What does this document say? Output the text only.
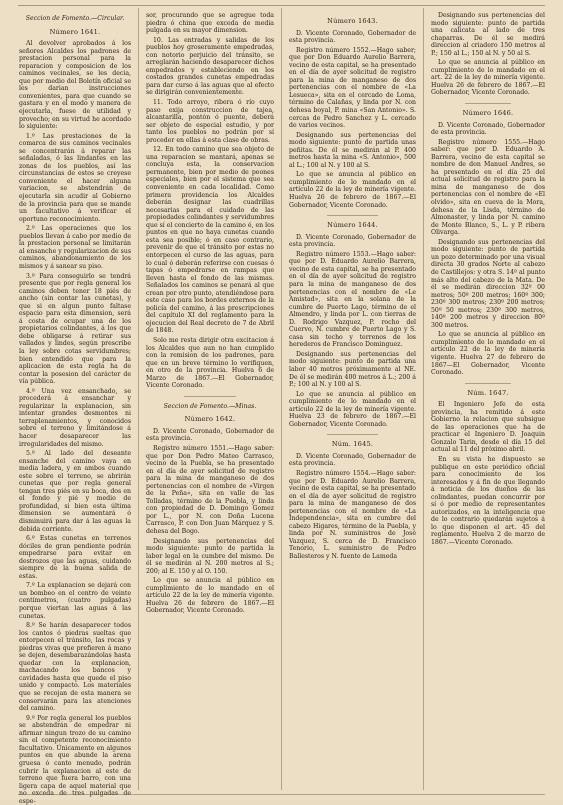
Seccion de Fomento.—Circular.

Número 1641.

Al devolver aprobados á los señores Alcaldes los padrones de prestacion personal para la reparacion y composicion de los caminos vecinales, se les decia, que por medio del Boletín oficial se les darian instrucciones convenientes, para que cuando se gastara y en el modo y manera de ejecutarla, fuese de utilidad y provecho; en su virtud he acordado lo siguiente:

1.º Las prestaciones de la comarca de sus caminos vecinales se concentrarán á reparar las señaladas, ó las lindantes en las zonas de los pueblos, así las circunstancias de estos se creyese conveniente el hacer alguna variacion, se abstendrán de ejecutarla sin acudir al Gobierno de la provincia para que se mande un facultativo á verificar el oportuno reconocimiento.

2.º Las operaciones que los pueblos llevan á cabo por medio de la prestacion personal se limitarán al ensanche y regularizacion de sus caminos, abandonamiento de los mismos y á sanear su piso.

3.º Para conseguirlo se tendrá presente que por regla general los caminos deben tener 18 piés de ancho (sin contar las cunetas), y que si en algun punto faltase espacio para esta dimension, será á costa de ocupar una de los propietarios colindantes, á los que debe obligarse á retirar sus vallados y lindes, según prescribe la ley sobre cotas servidumbres; bien entendido que para la aplicacion de esta regla ha de contar la posesion del carácter de vía pública.

4.º Una vez ensanchado, se procederá á ensanchar y regularizar la explanacion, sin intentar grandes desmontes ni terraplenamientos, y conocidos sobre el terreno y limitándose á hacer desaparecer las irregularidades del mismo.

5.º Al lado del deseante ensanche del camino vaya en media ladera, y en ambos cuando este sobre el terreno, se abrirán cunetas que por regla general tengan tres piés en su boca, dos en el fondo y pié y medio de profundidad, si bien esta última dimension se aumentará ó disminuirá para dar á las aguas la debida corriente.

6.º Estas cunetas en terrenos dóciles de gran pendiente podrán empedrarse para evitar en destrozos que las aguas, cuidando siempre de la buena salida de estas.

7.º La explanacion se dejará con un bombeo en el centro de veinte centímetros, (cuatro pulgadas) porque viertan las aguas á las cunetas.

8.º Se harán desaparecer todos los cantos ó piedras sueltas que entorpecen el tránsito, las rocas y piedras vivas que prefieren á mano se dejen, desembarazándolas hasta quedar con la explanacion, machacando los bancos y cavidades hasta que quede el piso unido y compacto. Los materiales que se recojan de esta manera se conservarán para las atenciones del camino.

9.º Por regla general los pueblos se abstendrán de empedrar ni afirmar ningun trozo de su camino sin el competente reconocimiento facultativo. Únicamente en algunos puntos en que abunde la arena gruesa ó canto menudo, podrán cubrir la explanacion al este de terreno que fuera barro, con una ligera capa de aquel material que no exceda de tres pulgadas de espe-

sor, procurando que se agregue toda piedra ó china que exceda de media pulgada en su mayor dimension.

10. Las entradas y salidas de los pueblos hoy groseramente empedradas, con notorio perjuicio del tránsito, se arreglarán haciendo desaparecer dichos empedrados y estableciendo en los costados grandes cunetas empedradas para dar curso á las aguas que al efecto se dirigirán convenientemente.

11. Todo arroyo, ribera ó río cuyo paso exija construccion de tajea, alcantarilla, pontón ó puente, deberá ser objeto de especial estudio, y por tanto los pueblos no podrán por sí proceder en ellas á esta clase de obras.

12. En todo camino que sea objeto de una reparacion se mantará, apenas se concluya esta, la conservacion permanente, bien por medio de peones especiales, bien por el sistema que sea conveniente en cada localidad. Como primera providencia los Alcaldes deberán designar las cuadrillas necesarias para el cuidado de las propiedades colindantes y servidumbres que sí el concierto de la camino é, en los puntos en que no haya cunetas cuando esta sea posible; ó en caso contrario, prevenir de que el tránsito por estas no entorpecen el curso de las aguas, para lo cual ó deberán referirse con cuesas ó tapas ó empedrarse en rampas que lleven hasta el fondo de las mismas. Señalados los caminos se penará al que crean por otro punto, atendiéndose para este caso para los bordes externos de la policía del camino, á las prescripciones del capítulo XI del reglamento para la ejecucion del Real decreto de 7 de Abril de 1848.

Solo me resta dirigir otra excitacion á los Alcaldes que aun no han cumplido con la remision de los padrones, para que en un breve término lo verifiquen, en otro de la provincia. Huelva 6 de Marzo de 1867.—El Gobernador, Vicente Coronado.

Seccion de Fomento.—Minas.

Número 1642.

D. Vicente Coronado, Gobernador de esta provincia.

Registro número 1551.—Hago saber: que por Don Pedro Mateo Carrasco, vecino de la Puebla, se ha presentado en el día de ayer solicitud de registro para la mina de manganeso de dos pertenencias con el nombre de «Virgen de la Peña», sita en valle de las Tolladas, término de la Puebla, y linda con propiedad de D. Domingo Gomez por L., por N. con Doña Lucena Carrasco, P. con Don Juan Márquez y S. dehesa del Bogo.

Designando sus pertenencias del modo siguiente: punto de partida la labor legal en la cumbre del mismo. De él se medirán al N. 200 metros al S.; 200; al E. 150 y al O. 150.

Lo que se anuncia al público en cumplimiento de lo mandado en el artículo 22 de la ley de minería vigente. Huelva 26 de febrero de 1867.—El Gobernador, Vicente Coronado.

Número 1643.

D. Vicente Coronado, Gobernador de esta provincia.

Registro número 1552.—Hago saber; que por Don Eduardo Aurelio Barrera, vecino de esta capital, se ha presentado en el día de ayer solicitud de registro para la mina de manganeso de dos pertenencias con el nombre de «La Lesueca», sita en el cercado de Loma, término de Calañas, y linda por N. con dehesa boyal, P. mina «San Antonio». S. cercas de Pedro Sanchez y L. cercado de varios vecinos.

Designando sus pertenencias del modo siguiente: punto de partida unas peñitas. De él se medirán al P. 400 metros hasta la mina «S. Antonio», 500 al L.; 100 al N. y 100 al S.

Lo que se anuncia al público en cumplimiento de lo mandado en el artículo 22 de la ley de minería vigente. Huelva 26 de febrero de 1867.—El Gobernador, Vicente Coronado.

Número 1644.

D. Vicente Coronado, Gobernador de esta provincia.

Registro número 1553.—Hago saber: que por D. Eduardo Aurelio Barrera, vecino de esta capital, se ha presentado en el día de ayer solicitud de registro para la mina de manganeso de dos pertenencias con el nombre de «Le Amistad», sita en la solana de la cumbre de Puerto Lago, término de el Almendro, y linda por L. con tierras de D. Rodrigo Vazquez, P. rocho del Cuervo, N. cumbre de Puerto Lago y S. casa sin techo y terrenos de los herederos de Francisco Dominguez.

Designando sus pertenencias del modo siguiente: punto de partida una labor 40 metros próximamente al NE. De él se medirán 400 metros á L.; 200 á P.; 100 al N. y 100 al S.

Lo que se anuncia al público en cumplimiento de lo mandado en el artículo 22 de la ley de minería vigente. Huelva 23 de febrero de 1867.—El Gobernador, Vicente Coronado.

Núm. 1645.

D. Vicente Coronado, Gobernador de esta provincia.

Registro número 1554.—Hago saber: que por D. Eduardo Aurelio Barrera, vecino de esta capital, se ha presentado en el día de ayer solicitud de registro para la mina de manganeso de dos pertenencias con el nombre de «La Independencia», sita en cumbre del cabezo Higares, término de la Puebla, y linda por N. suministros de José Vazquez, S. cerca de D. Francisco Tenorio, L. suministro de Pedro Ballesteros y N. fuente de Lameda

Designando sus pertenencias del modo siguiente: punto de partida una calicata al lado de tres chaparras. De él se medirá direccion al criadero 150 metros al P.; 150 al L.; 150 al N. y 50 al S.

Lo que se anuncia al público en cumplimiento de lo mandado en el art. 22 de la ley de minería vigente. Huelva 26 de febrero de 1867.—El Gobernador, Vicente Coronado.

Número 1646.

D. Vicente Coronado, Gobernador de esta provincia.

Registro número 1555.—Hago saber: que por D. Eduardo A. Barrera, vecino de esta capital se nombre de don Manuel Andres, se ha presentado en el día 25 del actual solicitud de registro para la mina de manganeso de dos pertenencias con el nombre de «El olvido», sita en cueva de la Mora, dehesa de la Lisda, término de Almonaster, y linda por N. camino de Monte Blanco, S., L. y P. ribera Olivarga.

Designando sus pertenencias del modo siguiente: punto de partida un pozo determinado por una visual directa 30 grados Norte al cabezo de Castillejos: y otra S. 14º al punto más alto del cabezo de la Mata. De él se medirán direccion 32º 00 metros; 50º 200 metros; 160º 300; 230º 300 metros; 230º 200 metros; 50º 50 metros; 230º 300 metros, 140º 200 metros y direccion 80º 300 metros.

Lo que se anuncia al público en cumplimiento de lo mandado en el artículo 22 de la ley de minería vigente. Huelva 27 de febrero de 1867—El Gobernador, Vicente Coronado.

Núm. 1647.

El Ingeniero Jefe de esta provincia, ha remitido á este Gobierno la relacion que subsigue de las operaciones que ha de practicar el Ingeniero D. Joaquin Gonzalo Tarin, desde el día 15 del actual al 11 del próximo abril.

En su vista he dispuesto se publique en este periódico oficial para conocimiento de los interesados y á fin de que llegando á noticia de los dueños de las colindantes, puedan concurrir por sí ó por medio de representantes autorizados, en la inteligencia que de lo contrario quedarán sujetos á lo que disponen el art. 45 del reglamento. Huelva 2 de marzo de 1867.—Vicente Coronado.
